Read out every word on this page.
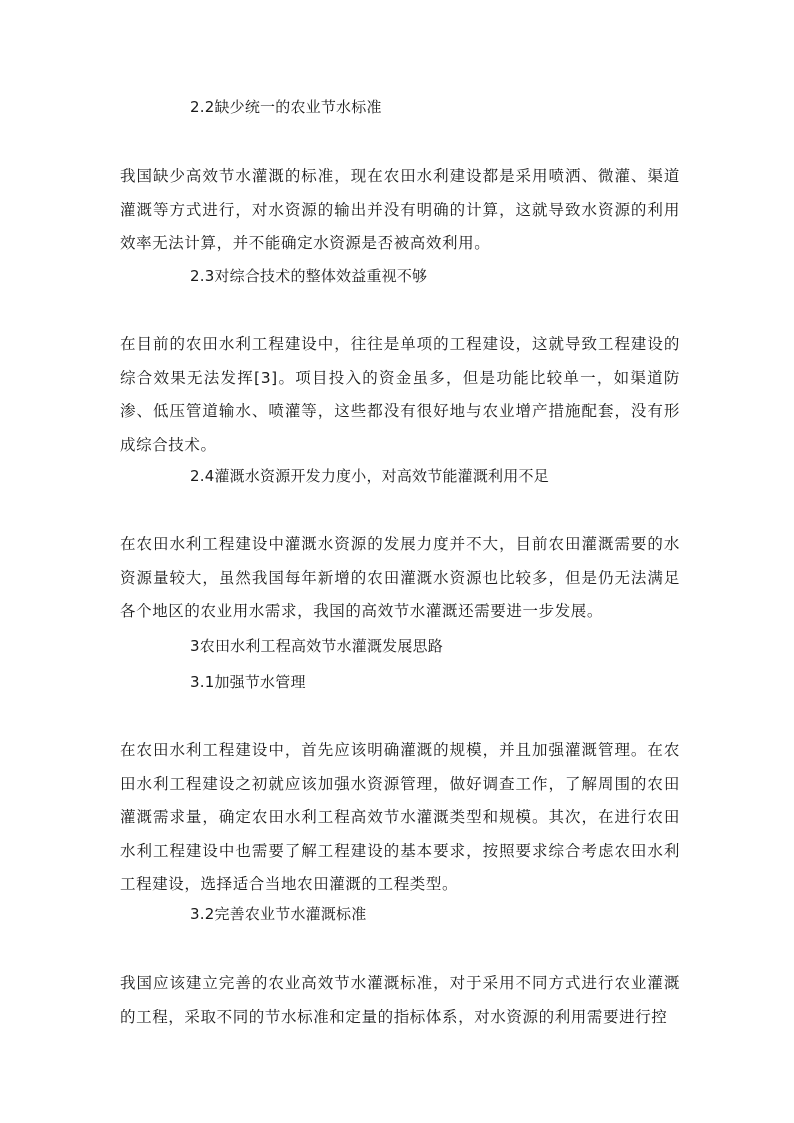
2.2缺少统一的农业节水标准
我国缺少高效节水灌溉的标准，现在农田水利建设都是采用喷洒、微灌、渠道灌溉等方式进行，对水资源的输出并没有明确的计算，这就导致水资源的利用效率无法计算，并不能确定水资源是否被高效利用。
2.3对综合技术的整体效益重视不够
在目前的农田水利工程建设中，往往是单项的工程建设，这就导致工程建设的综合效果无法发挥[3]。项目投入的资金虽多，但是功能比较单一，如渠道防渗、低压管道输水、喷灌等，这些都没有很好地与农业增产措施配套，没有形成综合技术。
2.4灌溉水资源开发力度小，对高效节能灌溉利用不足
在农田水利工程建设中灌溉水资源的发展力度并不大，目前农田灌溉需要的水资源量较大，虽然我国每年新增的农田灌溉水资源也比较多，但是仍无法满足各个地区的农业用水需求，我国的高效节水灌溉还需要进一步发展。
3农田水利工程高效节水灌溉发展思路
3.1加强节水管理
在农田水利工程建设中，首先应该明确灌溉的规模，并且加强灌溉管理。在农田水利工程建设之初就应该加强水资源管理，做好调查工作，了解周围的农田灌溉需求量，确定农田水利工程高效节水灌溉类型和规模。其次，在进行农田水利工程建设中也需要了解工程建设的基本要求，按照要求综合考虑农田水利工程建设，选择适合当地农田灌溉的工程类型。
3.2完善农业节水灌溉标准
我国应该建立完善的农业高效节水灌溉标准，对于采用不同方式进行农业灌溉的工程，采取不同的节水标准和定量的指标体系，对水资源的利用需要进行控
